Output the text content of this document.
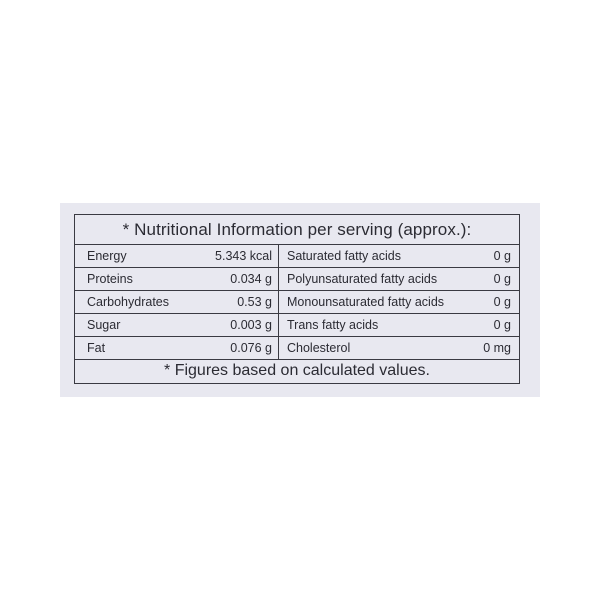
* Nutritional Information per serving (approx.):
Energy	5.343 kcal Saturated fatty acids	0 g
Proteins	0.034 g Polyunsaturated fatty acids	0 g
Carbohydrates	0.53 g Monounsaturated fatty acids	0 g
Sugar	0.003 g Trans fatty acids	0 g
Fat	0.076 g Cholesterol	0 mg
* Figures based on calculated values.
